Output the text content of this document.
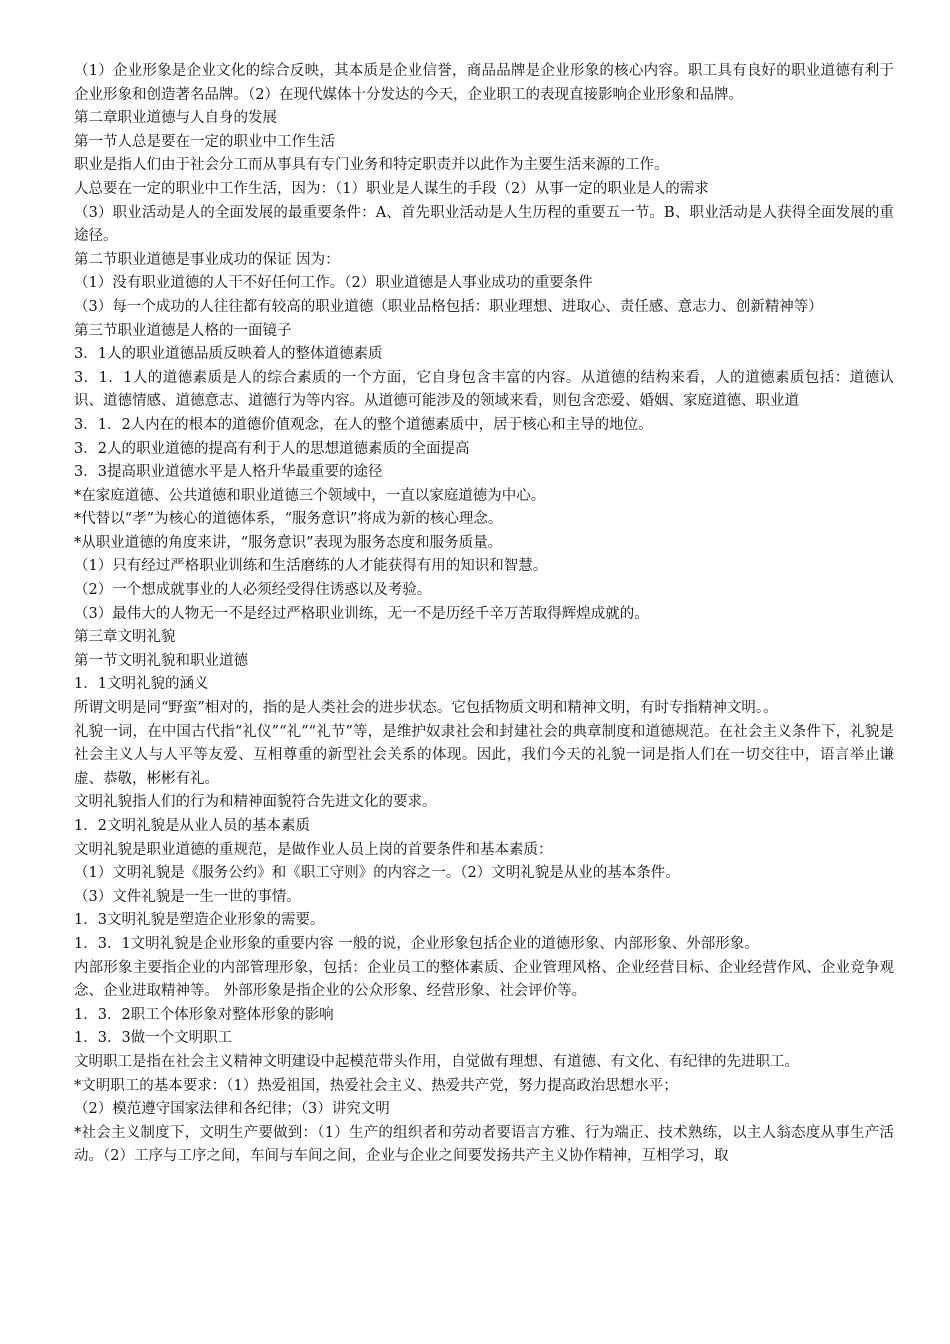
（1）企业形象是企业文化的综合反映，其本质是企业信誉，商品品牌是企业形象的核心内容。职工具有良好的职业道德有利于企业形象和创造著名品牌。（2）在现代媒体十分发达的今天，企业职工的表现直接影响企业形象和品牌。

第二章职业道德与人自身的发展

第一节人总是要在一定的职业中工作生活

职业是指人们由于社会分工而从事具有专门业务和特定职责并以此作为主要生活来源的工作。

人总要在一定的职业中工作生活，因为：（1）职业是人谋生的手段（2）从事一定的职业是人的需求

（3）职业活动是人的全面发展的最重要条件：A、首先职业活动是人生历程的重要五一节。B、职业活动是人获得全面发展的重途径。

第二节职业道德是事业成功的保证 因为：

（1）没有职业道德的人干不好任何工作。（2）职业道德是人事业成功的重要条件

（3）每一个成功的人往往都有较高的职业道德（职业品格包括：职业理想、进取心、责任感、意志力、创新精神等）

第三节职业道德是人格的一面镜子

3．1人的职业道德品质反映着人的整体道德素质

3．1．1人的道德素质是人的综合素质的一个方面，它自身包含丰富的内容。从道德的结构来看，人的道德素质包括：道德认识、道德情感、道德意志、道德行为等内容。从道德可能涉及的领域来看，则包含恋爱、婚姻、家庭道德、职业道

3．1．2人内在的根本的道德价值观念，在人的整个道德素质中，居于核心和主导的地位。

3．2人的职业道德的提高有利于人的思想道德素质的全面提高

3．3提高职业道德水平是人格升华最重要的途径

*在家庭道德、公共道德和职业道德三个领域中，一直以家庭道德为中心。

*代替以“孝”为核心的道德体系，“服务意识”将成为新的核心理念。

*从职业道德的角度来讲，“服务意识”表现为服务态度和服务质量。

（1）只有经过严格职业训练和生活磨练的人才能获得有用的知识和智慧。

（2）一个想成就事业的人必须经受得住诱惑以及考验。

（3）最伟大的人物无一不是经过严格职业训练，无一不是历经千辛万苦取得辉煌成就的。

第三章文明礼貌

第一节文明礼貌和职业道德

1．1文明礼貌的涵义

所谓文明是同“野蛮”相对的，指的是人类社会的进步状态。它包括物质文明和精神文明，有时专指精神文明。。

礼貌一词，在中国古代指“礼仪”“礼”“礼节”等，是维护奴隶社会和封建社会的典章制度和道德规范。在社会主义条件下，礼貌是社会主义人与人平等友爱、互相尊重的新型社会关系的体现。因此，我们今天的礼貌一词是指人们在一切交往中，语言举止谦虚、恭敬，彬彬有礼。

文明礼貌指人们的行为和精神面貌符合先进文化的要求。

1．2文明礼貌是从业人员的基本素质

文明礼貌是职业道德的重规范，是做作业人员上岗的首要条件和基本素质：

（1）文明礼貌是《服务公约》和《职工守则》的内容之一。（2）文明礼貌是从业的基本条件。

（3）文件礼貌是一生一世的事情。

1．3文明礼貌是塑造企业形象的需要。

1．3．1文明礼貌是企业形象的重要内容 一般的说，企业形象包括企业的道德形象、内部形象、外部形象。

内部形象主要指企业的内部管理形象，包括：企业员工的整体素质、企业管理风格、企业经营目标、企业经营作风、企业竞争观念、企业进取精神等。 外部形象是指企业的公众形象、经营形象、社会评价等。

1．3．2职工个体形象对整体形象的影响

1．3．3做一个文明职工

文明职工是指在社会主义精神文明建设中起模范带头作用，自觉做有理想、有道德、有文化、有纪律的先进职工。

*文明职工的基本要求：（1）热爱祖国，热爱社会主义、热爱共产党，努力提高政治思想水平；

（2）模范遵守国家法律和各纪律；（3）讲究文明

*社会主义制度下，文明生产要做到：（1）生产的组织者和劳动者要语言方雅、行为端正、技术熟练，以主人翁态度从事生产活动。（2）工序与工序之间，车间与车间之间，企业与企业之间要发扬共产主义协作精神，互相学习，取
